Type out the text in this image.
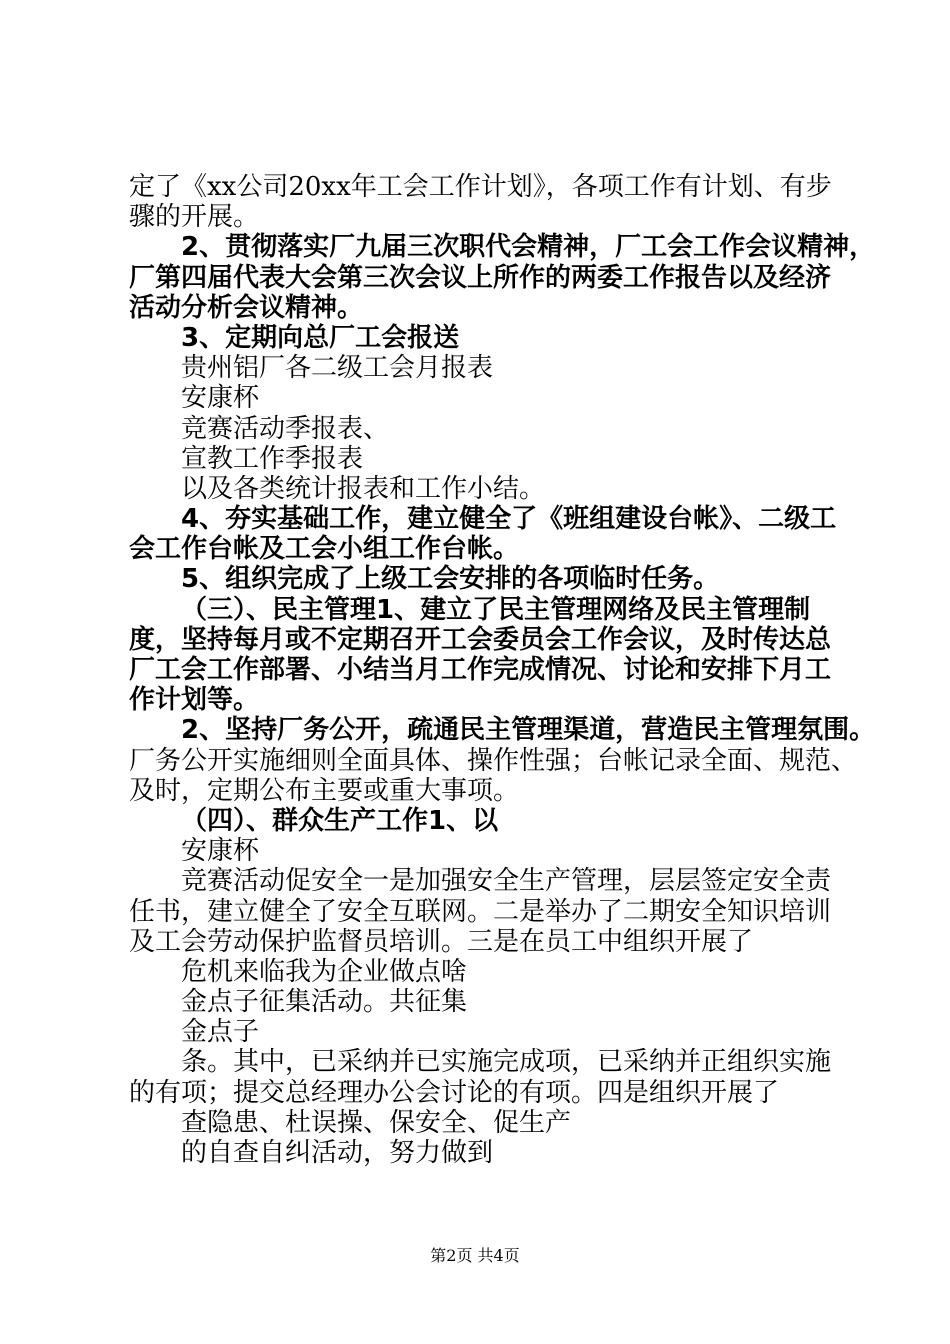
定了《xx公司20xx年工会工作计划》，各项工作有计划、有步
骤的开展。
2、贯彻落实厂九届三次职代会精神，厂工会工作会议精神，
厂第四届代表大会第三次会议上所作的两委工作报告以及经济
活动分析会议精神。
3、定期向总厂工会报送
贵州铝厂各二级工会月报表
安康杯
竞赛活动季报表、
宣教工作季报表
以及各类统计报表和工作小结。
4、夯实基础工作，建立健全了《班组建设台帐》、二级工
会工作台帐及工会小组工作台帐。
5、组织完成了上级工会安排的各项临时任务。
（三）、民主管理1、建立了民主管理网络及民主管理制
度，坚持每月或不定期召开工会委员会工作会议，及时传达总
厂工会工作部署、小结当月工作完成情况、讨论和安排下月工
作计划等。
2、坚持厂务公开，疏通民主管理渠道，营造民主管理氛围。
厂务公开实施细则全面具体、操作性强；台帐记录全面、规范、
及时，定期公布主要或重大事项。
（四）、群众生产工作1、以
安康杯
竞赛活动促安全一是加强安全生产管理，层层签定安全责
任书，建立健全了安全互联网。二是举办了二期安全知识培训
及工会劳动保护监督员培训。三是在员工中组织开展了
危机来临我为企业做点啥
金点子征集活动。共征集
金点子
条。其中，已采纳并已实施完成项，已采纳并正组织实施
的有项；提交总经理办公会讨论的有项。四是组织开展了
查隐患、杜误操、保安全、促生产
的自查自纠活动，努力做到
第2页 共4页
